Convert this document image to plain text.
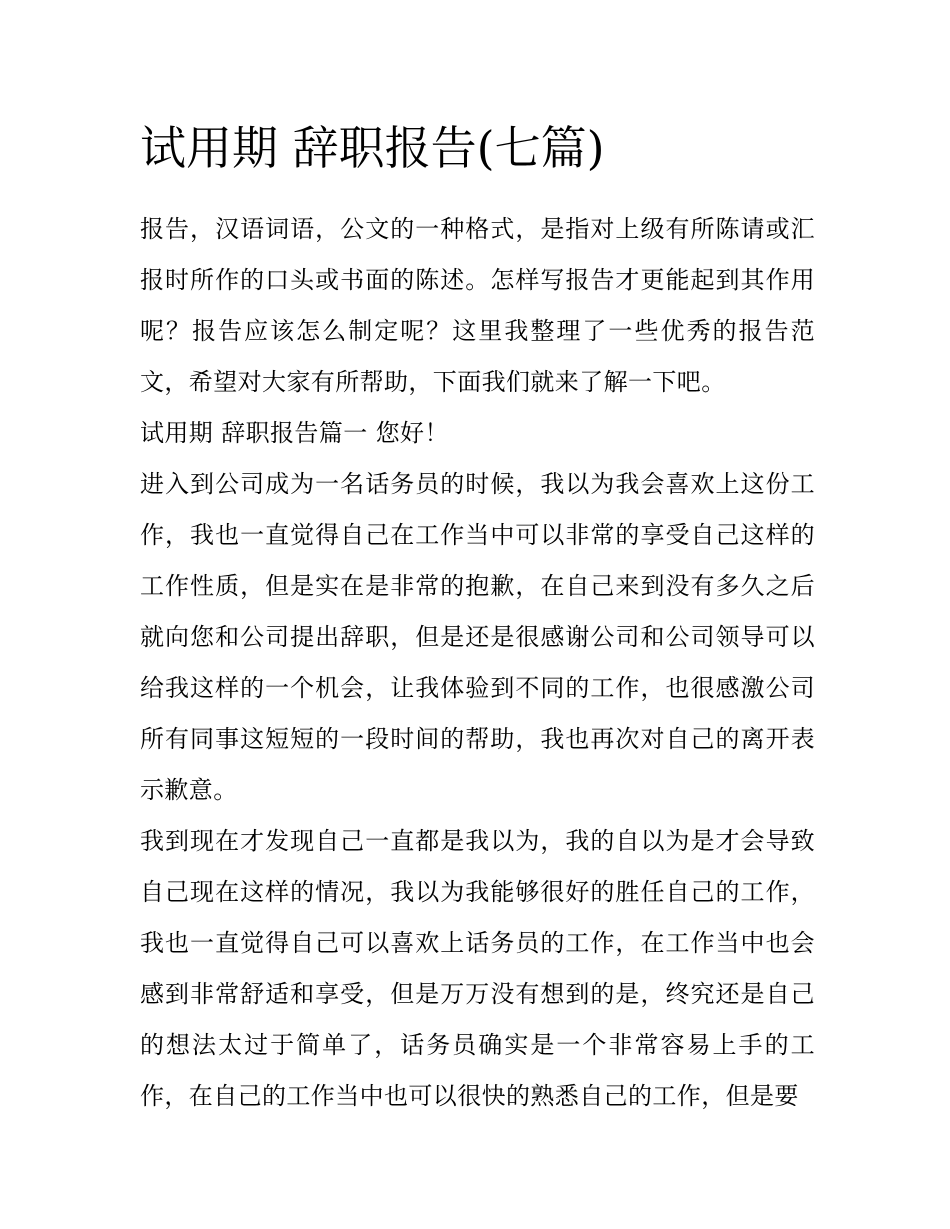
试用期 辞职报告(七篇)

报告，汉语词语，公文的一种格式，是指对上级有所陈请或汇报时所作的口头或书面的陈述。怎样写报告才更能起到其作用呢？报告应该怎么制定呢？这里我整理了一些优秀的报告范文，希望对大家有所帮助，下面我们就来了解一下吧。

试用期 辞职报告篇一 您好！

进入到公司成为一名话务员的时候，我以为我会喜欢上这份工作，我也一直觉得自己在工作当中可以非常的享受自己这样的工作性质，但是实在是非常的抱歉，在自己来到没有多久之后就向您和公司提出辞职，但是还是很感谢公司和公司领导可以给我这样的一个机会，让我体验到不同的工作，也很感激公司所有同事这短短的一段时间的帮助，我也再次对自己的离开表示歉意。

我到现在才发现自己一直都是我以为，我的自以为是才会导致自己现在这样的情况，我以为我能够很好的胜任自己的工作，我也一直觉得自己可以喜欢上话务员的工作，在工作当中也会感到非常舒适和享受，但是万万没有想到的是，终究还是自己的想法太过于简单了，话务员确实是一个非常容易上手的工作，在自己的工作当中也可以很快的熟悉自己的工作，但是要
